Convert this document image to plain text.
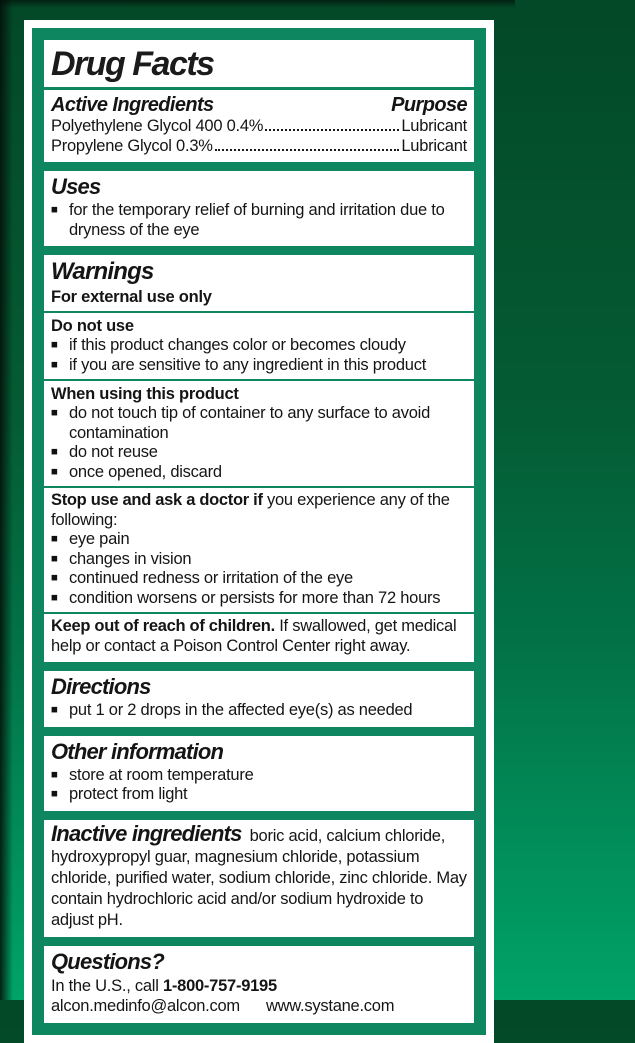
Drug Facts
Active Ingredients	Purpose
Polyethylene Glycol 400 0.4%	Lubricant
Propylene Glycol 0.3%	Lubricant
Uses
■ for the temporary relief of burning and irritation due to dryness of the eye
Warnings
For external use only
Do not use
■ if this product changes color or becomes cloudy
■ if you are sensitive to any ingredient in this product
When using this product
■ do not touch tip of container to any surface to avoid contamination
■ do not reuse
■ once opened, discard

Stop use and ask a doctor if you experience any of the following:

■ eye pain
■ changes in vision
■ continued redness or irritation of the eye
■ condition worsens or persists for more than 72 hours

Keep out of reach of children. If swallowed, get medical help or contact a Poison Control Center right away.

Directions
■ put 1 or 2 drops in the affected eye(s) as needed
Other information
■ store at room temperature
■ protect from light

Inactive ingredients boric acid, calcium chloride, hydroxypropyl guar, magnesium chloride, potassium chloride, purified water, sodium chloride, zinc chloride. May contain hydrochloric acid and/or sodium hydroxide to adjust pH.

Questions?
In the U.S., call 1-800-757-9195
alcon.medinfo@alcon.com www.systane.com
